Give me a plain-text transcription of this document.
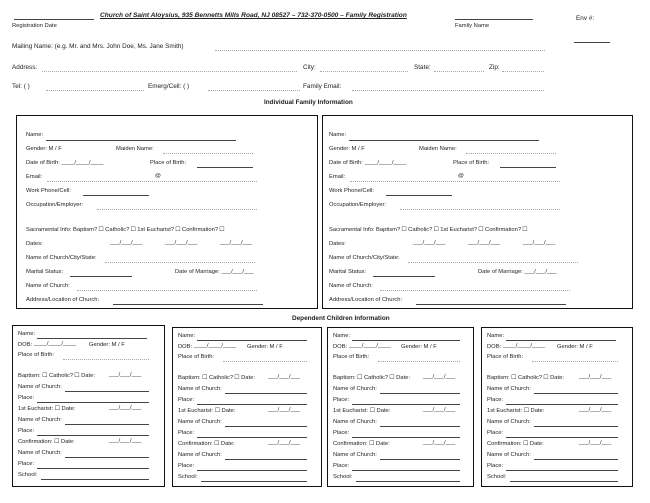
Church of Saint Aloysius, 935 Bennetts Mills Road, NJ 08527 – 732-370-0500 – Family Registration
Registration Date	Family Name
Env #:
Mailing Name: (e.g. Mr. and Mrs. John Doe, Ms. Jane Smith)
Address:	City:	State:	Zip:
Tel: ( )	Emerg/Cell: ( )	Family Email:
Individual Family Information
Name:
Gender: M / F	Maiden Name:
Date of Birth: ____/____/____	Place of Birth:
Email:	@
Work Phone/Cell:
Occupation/Employer:
Sacramental Info: Baptism? ☐ Catholic? ☐ 1st Eucharist? ☐ Confirmation? ☐
Dates:	___/___/___	___/___/___	___/___/___
Name of Church/City/State:
Marital Status:	Date of Marriage: ___/___/___
Name of Church:
Address/Location of Church:
Name:
Gender: M / F	Maiden Name:
Date of Birth: ____/____/____	Place of Birth:
Email:	@
Work Phone/Cell:
Occupation/Employer:
Sacramental Info: Baptism? ☐ Catholic? ☐ 1st Eucharist? ☐ Confirmation? ☐
Dates:	___/___/___	___/___/___	___/___/___
Name of Church/City/State:
Marital Status:	Date of Marriage: ___/___/___
Name of Church:
Address/Location of Church:
Dependent Children Information
Name:
DOB: ____/____/____ Gender: M / F
Place of Birth:
Baptism: ☐ Catholic? ☐ Date: ___/___/___
Name of Church:
Place:
1st Eucharist: ☐ Date:	___/___/___
Name of Church:
Place:
Confirmation: ☐ Date:	___/___/___
Name of Church:
Place:
School:
Name:
DOB: ____/____/____ Gender: M / F
Place of Birth:
Baptism: ☐ Catholic? ☐ Date: ___/___/___
Name of Church:
Place:
1st Eucharist: ☐ Date:	___/___/___
Name of Church:
Place:
Confirmation: ☐ Date:	___/___/___
Name of Church:
Place:
School:
Name:
DOB: ____/____/____ Gender: M / F
Place of Birth:
Baptism: ☐ Catholic? ☐ Date: ___/___/___
Name of Church:
Place:
1st Eucharist: ☐ Date:	___/___/___
Name of Church:
Place:
Confirmation: ☐ Date:	___/___/___
Name of Church:
Place:
School:
Name:
DOB: ____/____/____ Gender: M / F
Place of Birth:
Baptism: ☐ Catholic? ☐ Date:	___/___/___
Name of Church:
Place:
1st Eucharist: ☐ Date:	___/___/___
Name of Church:
Place:
Confirmation: ☐ Date:	___/___/___
Name of Church:
Place:
School:
